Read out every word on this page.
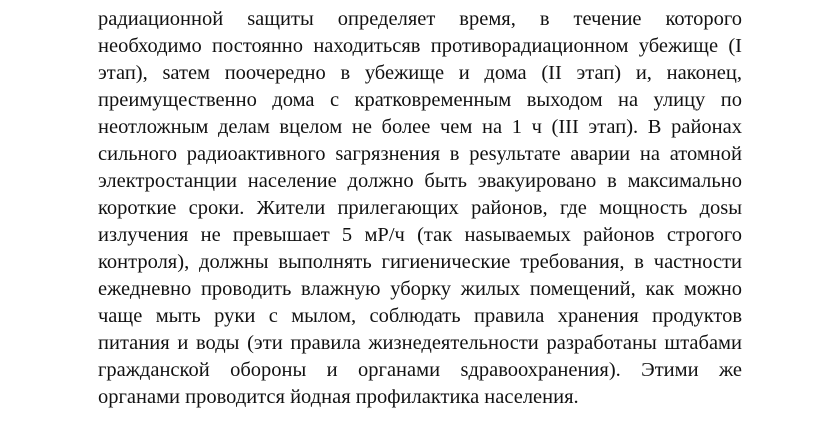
радиационной sащиты определяет время, в течение которого
необходимо постоянно находитьсяв противорадиационном убежище (I
этап), sатем поочередно в убежище и дома (II этап) и, наконец,
преимущественно дома с кратковременным выходом на улицу по
неотложным делам вцелом не более чем на 1 ч (III этап). В районах
сильного радиоактивного sагрязнения в реsультате аварии на атомной
электростанции население должно быть эвакуировано в максимально
короткие сроки. Жители прилегающих районов, где мощность доsы
излучения не превышает 5 мР/ч (так наsываемых районов строгого
контроля), должны выполнять гигиенические требования, в частности
ежедневно проводить влажную уборку жилых помещений, как можно
чаще мыть руки с мылом, соблюдать правила хранения продуктов
питания и воды (эти правила жизнедеятельности разработаны штабами
гражданской обороны и органами sдравоохранения). Этими же
органами проводится йодная профилактика населения.
